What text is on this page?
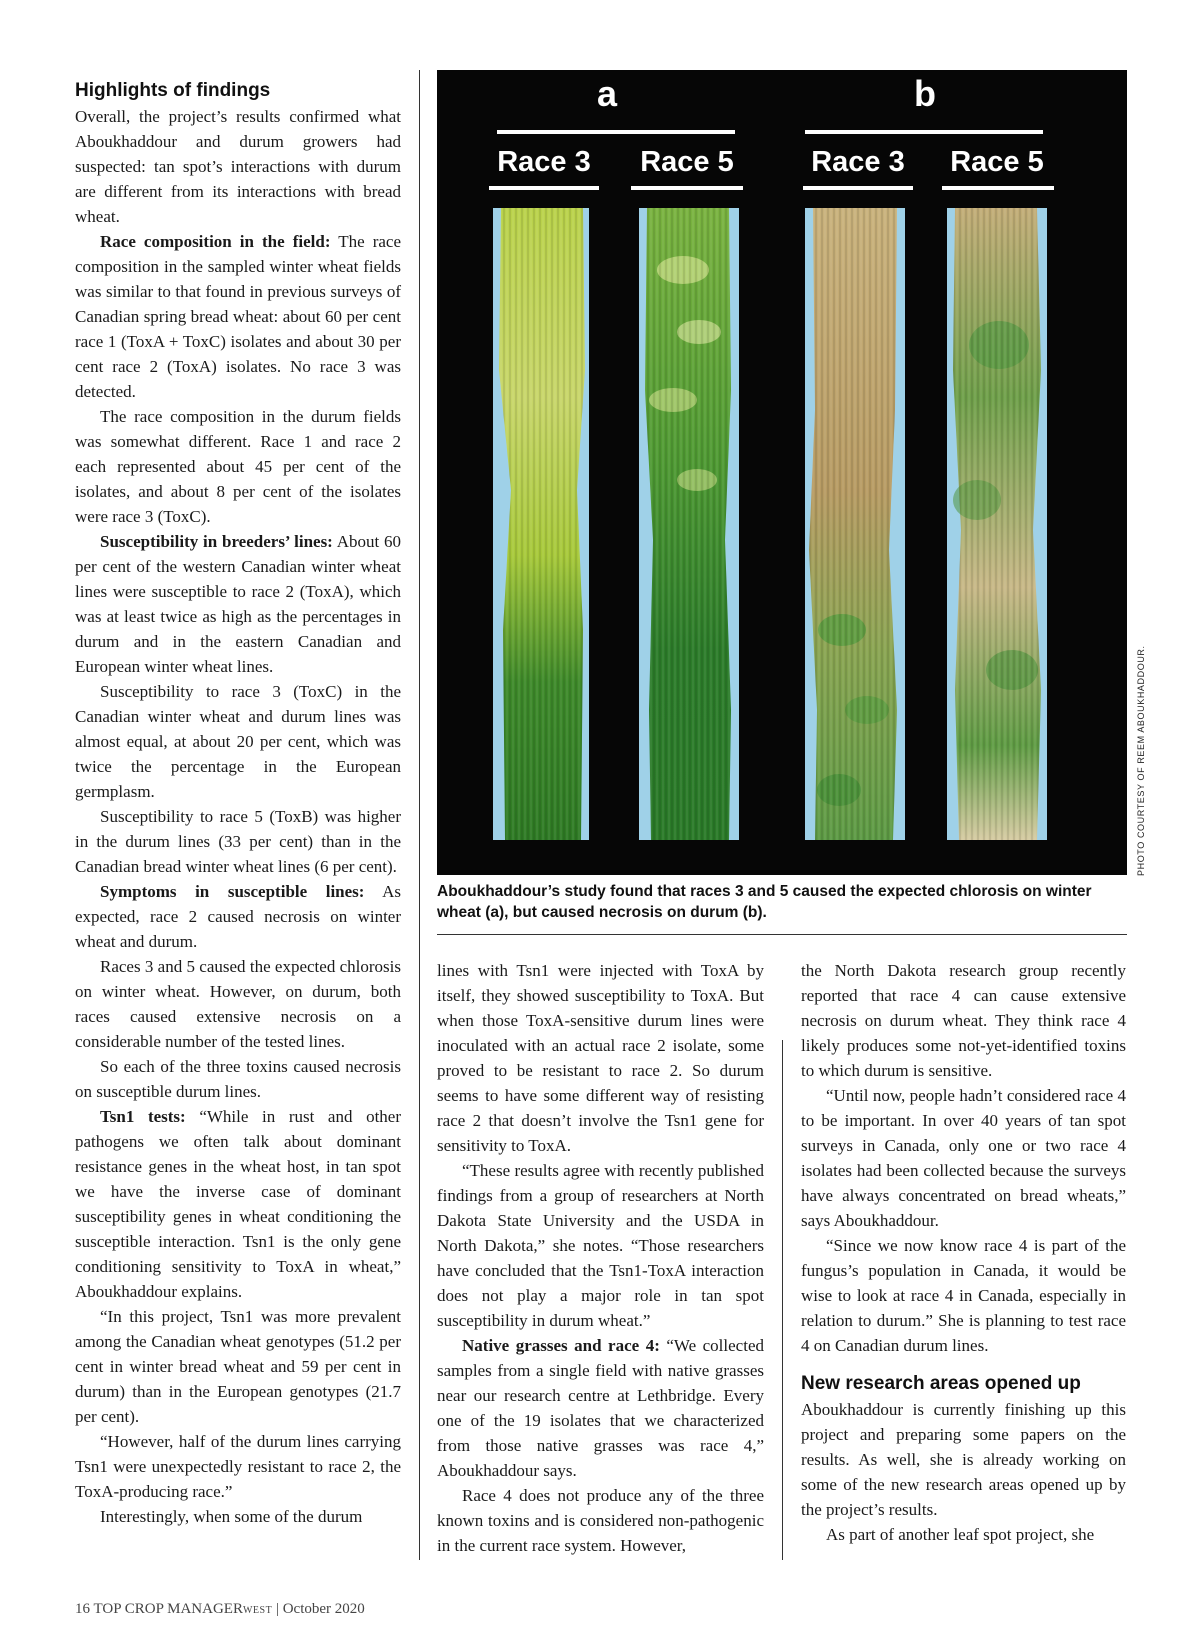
Highlights of findings

Overall, the project’s results confirmed what Aboukhaddour and durum growers had suspected: tan spot’s interactions with durum are different from its interactions with bread wheat.

Race composition in the field: The race composition in the sampled winter wheat fields was similar to that found in previous surveys of Canadian spring bread wheat: about 60 per cent race 1 (ToxA + ToxC) isolates and about 30 per cent race 2 (ToxA) isolates. No race 3 was detected.

The race composition in the durum fields was somewhat different. Race 1 and race 2 each represented about 45 per cent of the isolates, and about 8 per cent of the isolates were race 3 (ToxC).

Susceptibility in breeders’ lines: About 60 per cent of the western Canadian winter wheat lines were susceptible to race 2 (ToxA), which was at least twice as high as the percentages in durum and in the eastern Canadian and European winter wheat lines.

Susceptibility to race 3 (ToxC) in the Canadian winter wheat and durum lines was almost equal, at about 20 per cent, which was twice the percentage in the European germplasm.

Susceptibility to race 5 (ToxB) was higher in the durum lines (33 per cent) than in the Canadian bread winter wheat lines (6 per cent).

Symptoms in susceptible lines: As expected, race 2 caused necrosis on winter wheat and durum.

Races 3 and 5 caused the expected chlorosis on winter wheat. However, on durum, both races caused extensive necrosis on a considerable number of the tested lines.

So each of the three toxins caused necrosis on susceptible durum lines.

Tsn1 tests: “While in rust and other pathogens we often talk about dominant resistance genes in the wheat host, in tan spot we have the inverse case of dominant susceptibility genes in wheat conditioning the susceptible interaction. Tsn1 is the only gene conditioning sensitivity to ToxA in wheat,” Aboukhaddour explains.

“In this project, Tsn1 was more prevalent among the Canadian wheat genotypes (51.2 per cent in winter bread wheat and 59 per cent in durum) than in the European genotypes (21.7 per cent).

“However, half of the durum lines carrying Tsn1 were unexpectedly resistant to race 2, the ToxA-producing race.”

Interestingly, when some of the durum

a	b
Race 3 Race 5	Race 3 Race 5
PHOTO COURTESY OF REEM ABOUKHADDOUR.
Aboukhaddour’s study found that races 3 and 5 caused the expected chlorosis on winter wheat (a), but caused necrosis on durum (b).

lines with Tsn1 were injected with ToxA by itself, they showed susceptibility to ToxA. But when those ToxA-sensitive durum lines were inoculated with an actual race 2 isolate, some proved to be resistant to race 2. So durum seems to have some different way of resisting race 2 that doesn’t involve the Tsn1 gene for sensitivity to ToxA.

“These results agree with recently published findings from a group of researchers at North Dakota State University and the USDA in North Dakota,” she notes. “Those researchers have concluded that the Tsn1-ToxA interaction does not play a major role in tan spot susceptibility in durum wheat.”

Native grasses and race 4: “We collected samples from a single field with native grasses near our research centre at Lethbridge. Every one of the 19 isolates that we characterized from those native grasses was race 4,” Aboukhaddour says.

Race 4 does not produce any of the three known toxins and is considered non-pathogenic in the current race system. However,

the North Dakota research group recently reported that race 4 can cause extensive necrosis on durum wheat. They think race 4 likely produces some not-yet-identified toxins to which durum is sensitive.

“Until now, people hadn’t considered race 4 to be important. In over 40 years of tan spot surveys in Canada, only one or two race 4 isolates had been collected because the surveys have always concentrated on bread wheats,” says Aboukhaddour.

“Since we now know race 4 is part of the fungus’s population in Canada, it would be wise to look at race 4 in Canada, especially in relation to durum.” She is planning to test race 4 on Canadian durum lines.

New research areas opened up

Aboukhaddour is currently finishing up this project and preparing some papers on the results. As well, she is already working on some of the new research areas opened up by the project’s results.

As part of another leaf spot project, she

16 TOP CROP MANAGERWEST | October 2020
